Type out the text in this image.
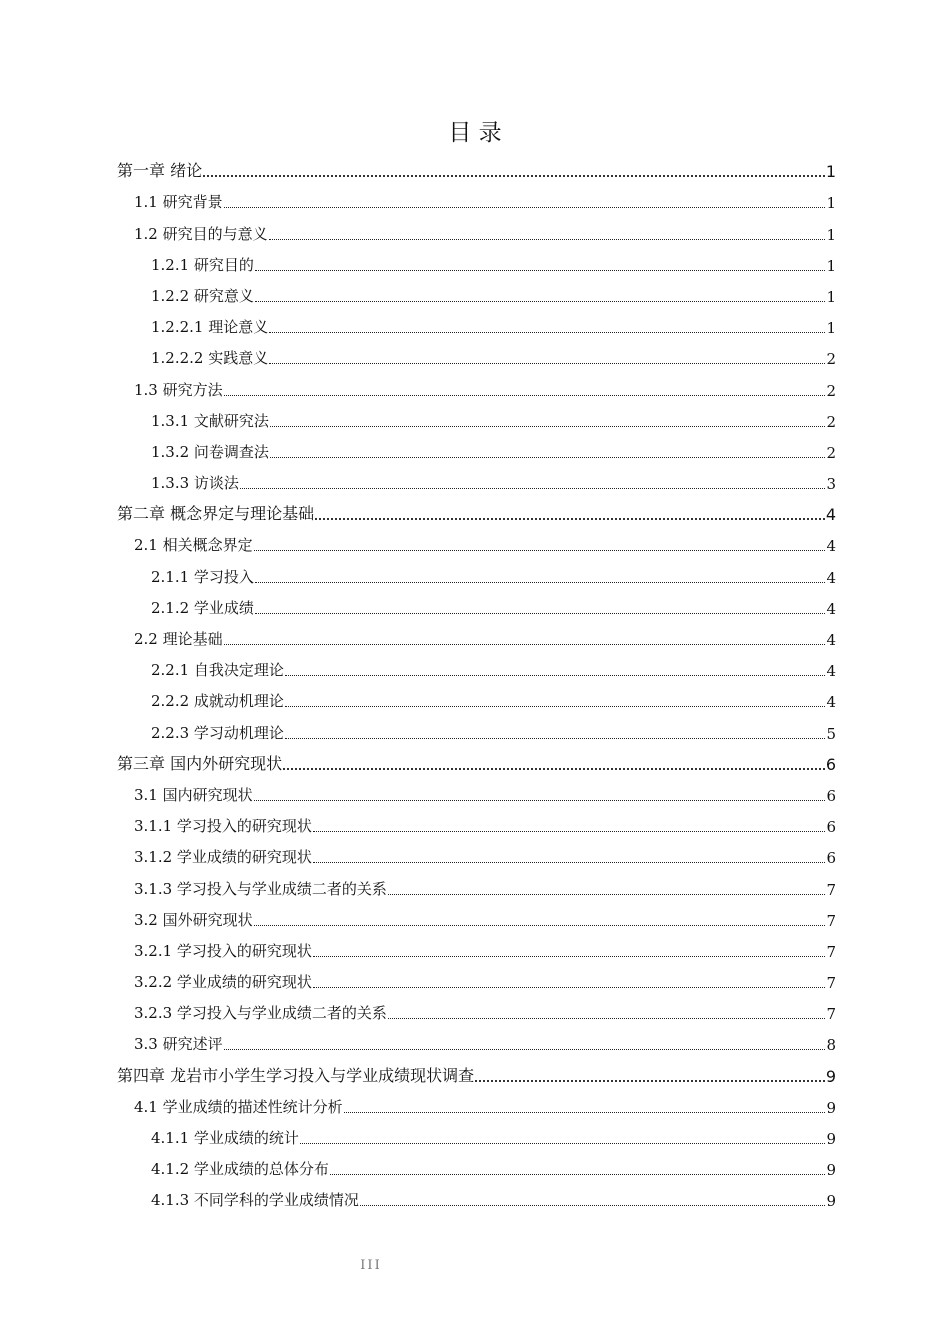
目 录
第一章 绪论	1
1.1 研究背景	1
1.2 研究目的与意义	1
1.2.1 研究目的	1
1.2.2 研究意义	1
1.2.2.1 理论意义	1
1.2.2.2 实践意义	2
1.3 研究方法	2
1.3.1 文献研究法	2
1.3.2 问卷调查法	2
1.3.3 访谈法	3
第二章 概念界定与理论基础	4
2.1 相关概念界定	4
2.1.1 学习投入	4
2.1.2 学业成绩	4
2.2 理论基础	4
2.2.1 自我决定理论	4
2.2.2 成就动机理论	4
2.2.3 学习动机理论	5
第三章 国内外研究现状	6
3.1 国内研究现状	6
3.1.1 学习投入的研究现状	6
3.1.2 学业成绩的研究现状	6
3.1.3 学习投入与学业成绩二者的关系	7
3.2 国外研究现状	7
3.2.1 学习投入的研究现状	7
3.2.2 学业成绩的研究现状	7
3.2.3 学习投入与学业成绩二者的关系	7
3.3 研究述评	8
第四章 龙岩市小学生学习投入与学业成绩现状调查	9
4.1 学业成绩的描述性统计分析	9
4.1.1 学业成绩的统计	9
4.1.2 学业成绩的总体分布	9
4.1.3 不同学科的学业成绩情况	9
III
